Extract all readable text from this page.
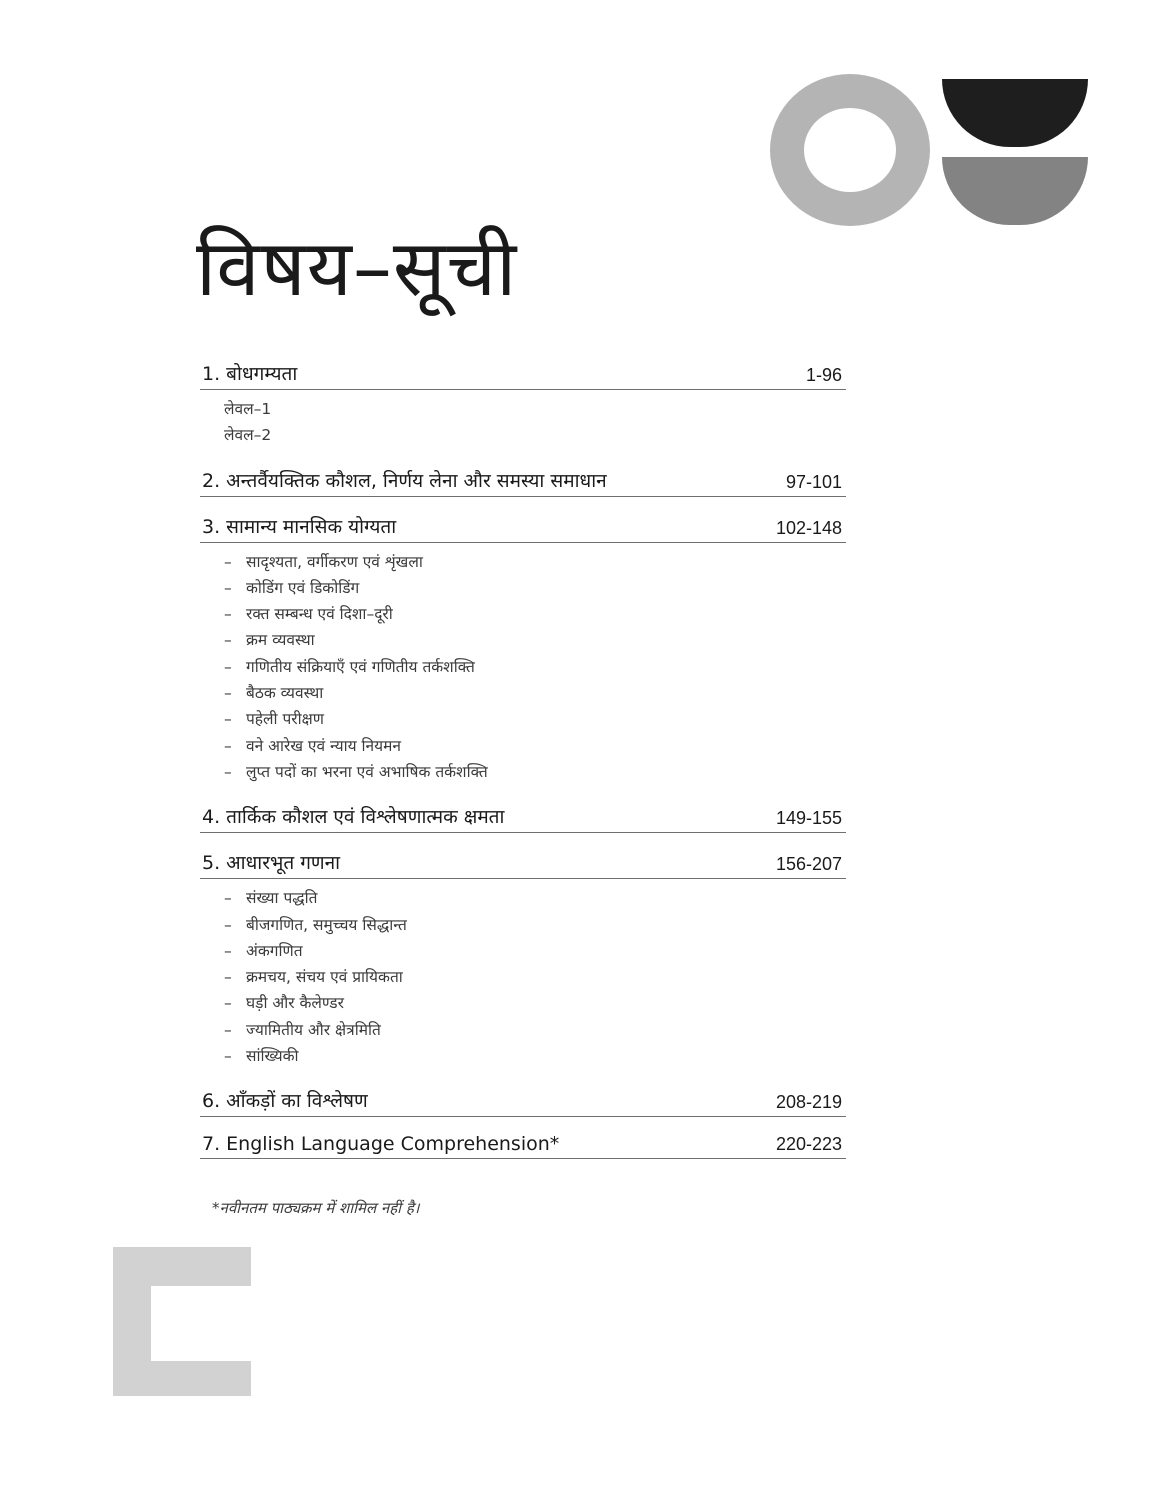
विषय–सूची
1. बोधगम्यता	1-96
लेवल–1
लेवल–2
2. अन्तर्वैयक्तिक कौशल, निर्णय लेना और समस्या समाधान	97-101
3. सामान्य मानसिक योग्यता	102-148
– सादृश्यता, वर्गीकरण एवं शृंखला
– कोडिंग एवं डिकोडिंग
– रक्त सम्बन्ध एवं दिशा–दूरी
– क्रम व्यवस्था
– गणितीय संक्रियाएँ एवं गणितीय तर्कशक्ति
– बैठक व्यवस्था
– पहेली परीक्षण
– वने आरेख एवं न्याय नियमन
– लुप्त पदों का भरना एवं अभाषिक तर्कशक्ति
4. तार्किक कौशल एवं विश्लेषणात्मक क्षमता	149-155
5. आधारभूत गणना	156-207
– संख्या पद्धति
– बीजगणित, समुच्चय सिद्धान्त
– अंकगणित
– क्रमचय, संचय एवं प्रायिकता
– घड़ी और कैलेण्डर
– ज्यामितीय और क्षेत्रमिति
– सांख्यिकी
6. आँकड़ों का विश्लेषण	208-219
7. English Language Comprehension*	220-223

*नवीनतम पाठ्यक्रम में शामिल नहीं है।
